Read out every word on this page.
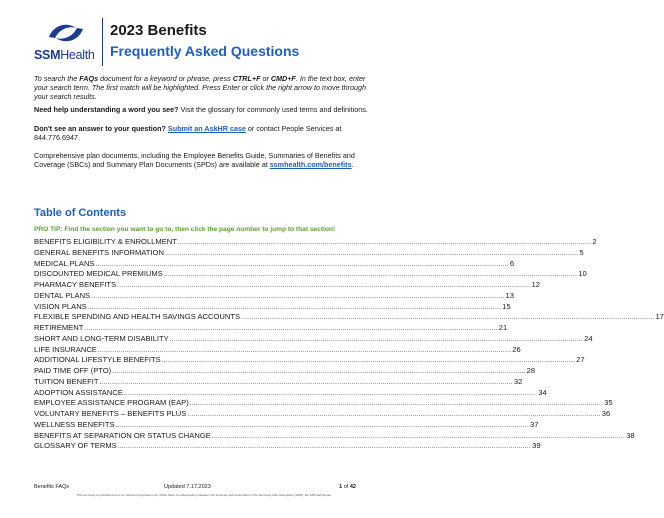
SSMHealth
2023 Benefits
Frequently Asked Questions

To search the FAQs document for a keyword or phrase, press CTRL+F or CMD+F. In the text box, enter your search term. The first match will be highlighted. Press Enter or click the right arrow to move through your search results.

Need help understanding a word you see? Visit the glossary for commonly used terms and definitions.

Don't see an answer to your question? Submit an AskHR case or contact People Services at 844.776.6947.

Comprehensive plan documents, including the Employee Benefits Guide, Summaries of Benefits and Coverage (SBCs) and Summary Plan Documents (SPDs) are available at ssmhealth.com/benefits.

Table of Contents
PRO TIP: Find the section you want to go to, then click the page number to jump to that section!
BENEFITS ELIGIBILITY & ENROLLMENT ........................................................................................................................................................................................................ 2
GENERAL BENEFITS INFORMATION ........................................................................................................................................................................................................ 5
MEDICAL PLANS ........................................................................................................................................................................................................ 6
DISCOUNTED MEDICAL PREMIUMS ........................................................................................................................................................................................................ 10
PHARMACY BENEFITS ........................................................................................................................................................................................................ 12
DENTAL PLANS ........................................................................................................................................................................................................ 13
VISION PLANS ........................................................................................................................................................................................................ 15
FLEXIBLE SPENDING AND HEALTH SAVINGS ACCOUNTS ........................................................................................................................................................................................................ 17
RETIREMENT ........................................................................................................................................................................................................ 21
SHORT AND LONG-TERM DISABILITY ........................................................................................................................................................................................................ 24
LIFE INSURANCE ........................................................................................................................................................................................................ 26
ADDITIONAL LIFESTYLE BENEFITS ........................................................................................................................................................................................................ 27
PAID TIME OFF (PTO) ........................................................................................................................................................................................................ 28
TUITION BENEFIT ........................................................................................................................................................................................................ 32
ADOPTION ASSISTANCE ........................................................................................................................................................................................................ 34
EMPLOYEE ASSISTANCE PROGRAM (EAP) ........................................................................................................................................................................................................ 35
VOLUNTARY BENEFITS – BENEFITS PLUS ........................................................................................................................................................................................................ 36
WELLNESS BENEFITS ........................................................................................................................................................................................................ 37
BENEFITS AT SEPARATION OR STATUS CHANGE ........................................................................................................................................................................................................ 38
GLOSSARY OF TERMS ........................................................................................................................................................................................................ 39
Benefits FAQs	Updated 7.17.2023	1 of 42
This summary is provided here is for reference purposes only. When there is a discrepancy between this summary and information in the Summary Plan Description (SPD), the SPD will prevail.
